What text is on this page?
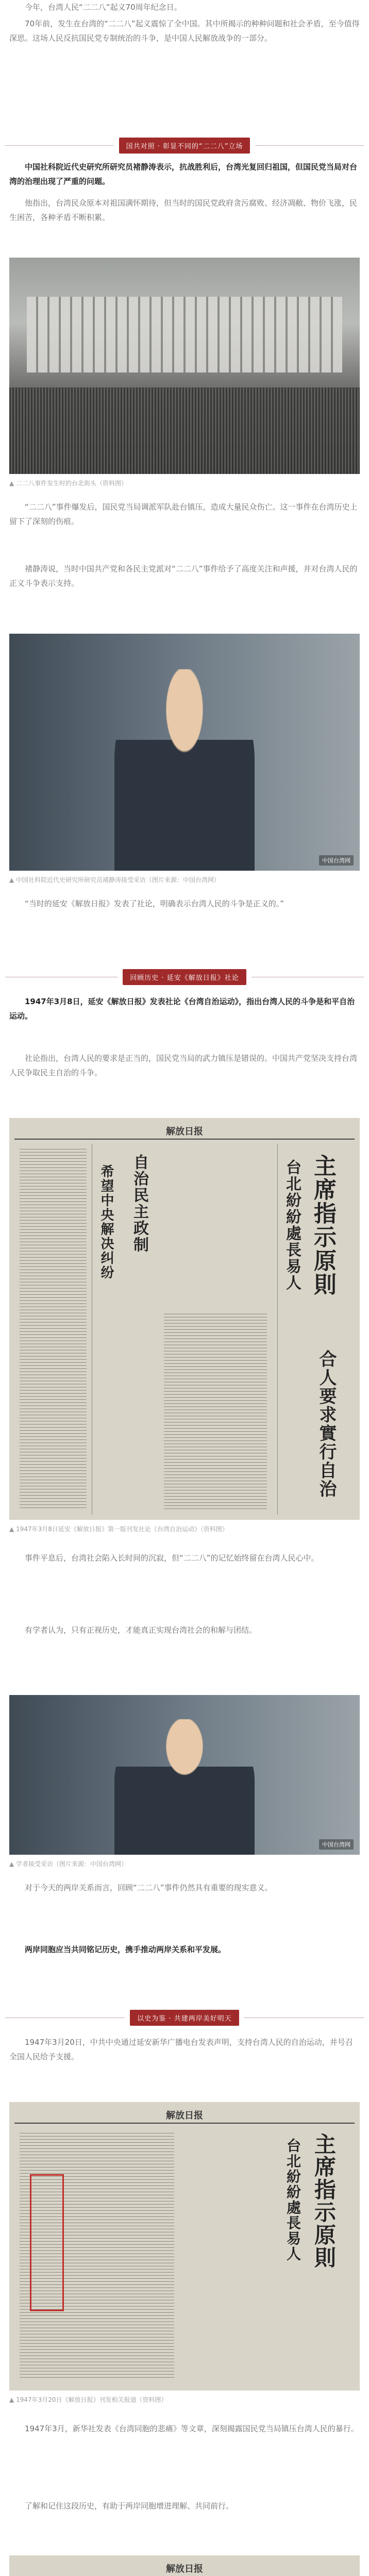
今年，台湾人民“二二八”起义70周年纪念日。

70年前，发生在台湾的“二二八”起义震惊了全中国。其中所揭示的种种问题和社会矛盾，至今值得深思。这场人民反抗国民党专制统治的斗争，是中国人民解放战争的一部分。

国共对照 · 彰显不同的“二二八”立场

中国社科院近代史研究所研究员褚静涛表示，抗战胜利后，台湾光复回归祖国，但国民党当局对台湾的治理出现了严重的问题。

他指出，台湾民众原本对祖国满怀期待，但当时的国民党政府贪污腐败、经济凋敝、物价飞涨，民生困苦，各种矛盾不断积累。

▲ 二二八事件发生时的台北街头（资料图）

“二二八”事件爆发后，国民党当局调派军队赴台镇压，造成大量民众伤亡。这一事件在台湾历史上留下了深刻的伤痕。

褚静涛说，当时中国共产党和各民主党派对“二二八”事件给予了高度关注和声援，并对台湾人民的正义斗争表示支持。

中国台湾网
▲ 中国社科院近代史研究所研究员褚静涛接受采访（图片来源：中国台湾网）

“当时的延安《解放日报》发表了社论，明确表示台湾人民的斗争是正义的。”

回顾历史 · 延安《解放日报》社论

1947年3月8日，延安《解放日报》发表社论《台湾自治运动》，指出台湾人民的斗争是和平自治运动。

社论指出，台湾人民的要求是正当的，国民党当局的武力镇压是错误的。中国共产党坚决支持台湾人民争取民主自治的斗争。

解放日报
主席指示原則
台北紛紛處長易人
合人要求實行自治
自治民主政制
希望中央解决纠纷
▲ 1947年3月8日延安《解放日报》第一版刊发社论《台湾自治运动》（资料图）

事件平息后，台湾社会陷入长时间的沉寂，但“二二八”的记忆始终留在台湾人民心中。

有学者认为，只有正视历史，才能真正实现台湾社会的和解与团结。

中国台湾网
▲ 学者接受采访（图片来源：中国台湾网）

对于今天的两岸关系而言，回顾“二二八”事件仍然具有重要的现实意义。

两岸同胞应当共同铭记历史，携手推动两岸关系和平发展。

以史为鉴 · 共建两岸美好明天

1947年3月20日，中共中央通过延安新华广播电台发表声明，支持台湾人民的自治运动，并号召全国人民给予支援。

解放日报
主席指示原則
台北紛紛處長易人
▲ 1947年3月20日《解放日报》刊发相关报道（资料图）

1947年3月，新华社发表《台湾同胞的悲痛》等文章，深刻揭露国民党当局镇压台湾人民的暴行。

了解和记住这段历史，有助于两岸同胞增进理解、共同前行。

解放日报
